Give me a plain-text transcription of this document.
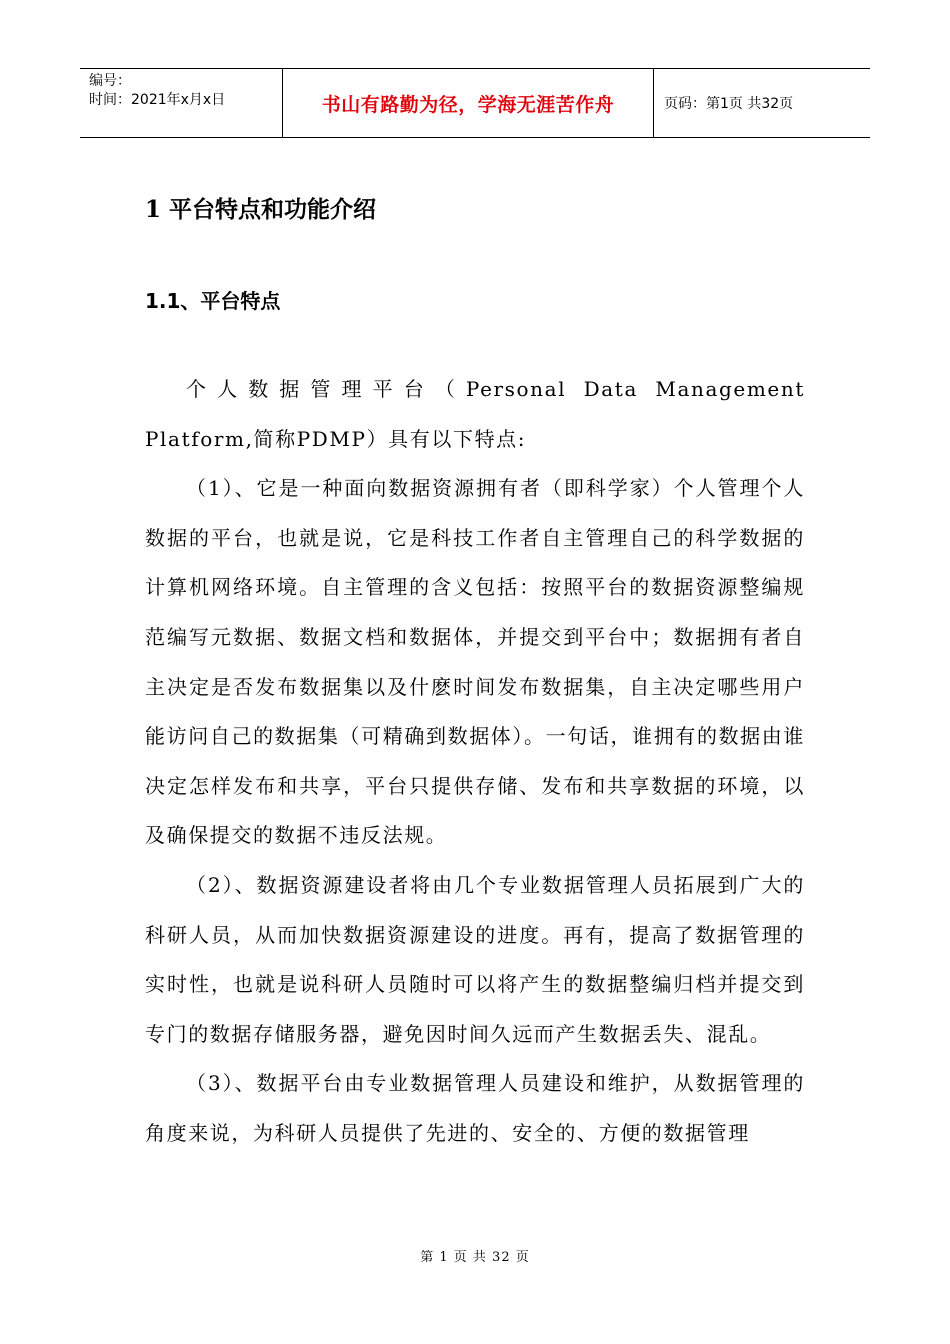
编号：
时间：2021年x月x日	书山有路勤为径，学海无涯苦作舟	页码：第1页 共32页
1 平台特点和功能介绍
1.1、平台特点

个人数据管理平台（Personal Data Management Platform,简称PDMP）具有以下特点:

（1）、它是一种面向数据资源拥有者（即科学家）个人管理个人数据的平台，也就是说，它是科技工作者自主管理自己的科学数据的计算机网络环境。自主管理的含义包括：按照平台的数据资源整编规范编写元数据、数据文档和数据体，并提交到平台中；数据拥有者自主决定是否发布数据集以及什麽时间发布数据集，自主决定哪些用户能访问自己的数据集（可精确到数据体）。一句话，谁拥有的数据由谁决定怎样发布和共享，平台只提供存储、发布和共享数据的环境，以及确保提交的数据不违反法规。

（2）、数据资源建设者将由几个专业数据管理人员拓展到广大的科研人员，从而加快数据资源建设的进度。再有，提高了数据管理的实时性，也就是说科研人员随时可以将产生的数据整编归档并提交到专门的数据存储服务器，避免因时间久远而产生数据丢失、混乱。

（3）、数据平台由专业数据管理人员建设和维护，从数据管理的角度来说，为科研人员提供了先进的、安全的、方便的数据管理

第 1 页 共 32 页
